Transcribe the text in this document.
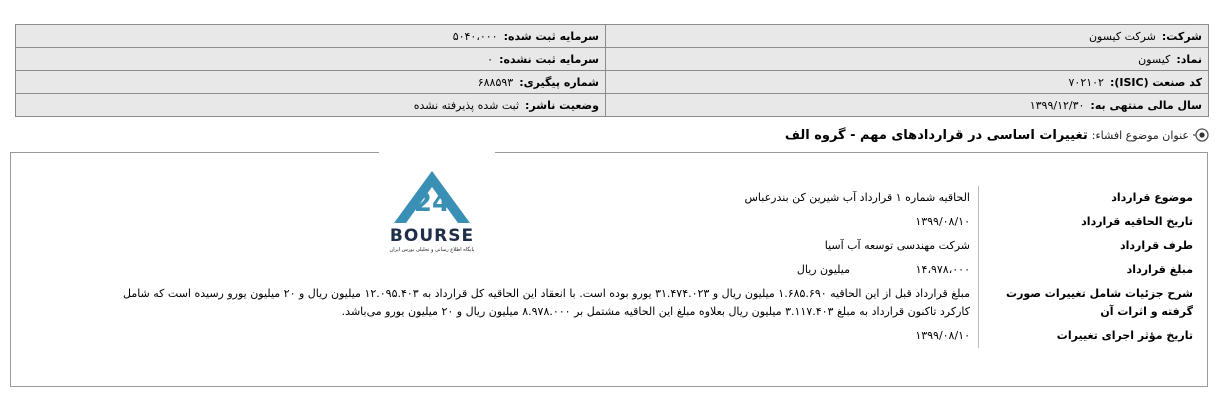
شرکت:شرکت کیسون	سرمایه ثبت شده:۵۰۴۰،۰۰۰
نماد:کیسون	سرمایه ثبت نشده:۰
کد صنعت (ISIC):۷۰۲۱۰۲	شماره پیگیری:۶۸۸۵۹۳
سال مالی منتهی به:۱۳۹۹/۱۲/۳۰	وضعیت ناشر:ثبت شده پذیرفته نشده
عنوان موضوع افشاء:
تغییرات اساسی در قراردادهای مهم - گروه الف
موضوع قرارداد	الحاقیه شماره ۱ قرارداد آب شیرین کن بندرعباس
تاریخ الحاقیه قرارداد	۱۳۹۹/۰۸/۱۰
طرف قرارداد	شرکت مهندسی توسعه آب آسیا
مبلغ قرارداد	۱۴،۹۷۸،۰۰۰میلیون ریال
شرح جزئیات شامل تغییرات صورت گرفته و اثرات آن	مبلغ قرارداد قبل از این الحاقیه ۱.۶۸۵.۶۹۰ میلیون ریال و ۳۱.۴۷۴.۰۲۳ یورو بوده است. با انعقاد این الحاقیه کل قرارداد به ۱۲.۰۹۵.۴۰۳ میلیون ریال و ۲۰ میلیون یورو رسیده است که شامل کارکرد تاکنون قرارداد به مبلغ ۳.۱۱۷.۴۰۳ میلیون ریال بعلاوه مبلغ این الحاقیه مشتمل بر ۸.۹۷۸.۰۰۰ میلیون ریال و ۲۰ میلیون یورو می‌باشد.
تاریخ مؤثر اجرای تغییرات	۱۳۹۹/۰۸/۱۰
24
BOURSE
پایگاه اطلاع رسانی و تحلیلی بورس ایران
